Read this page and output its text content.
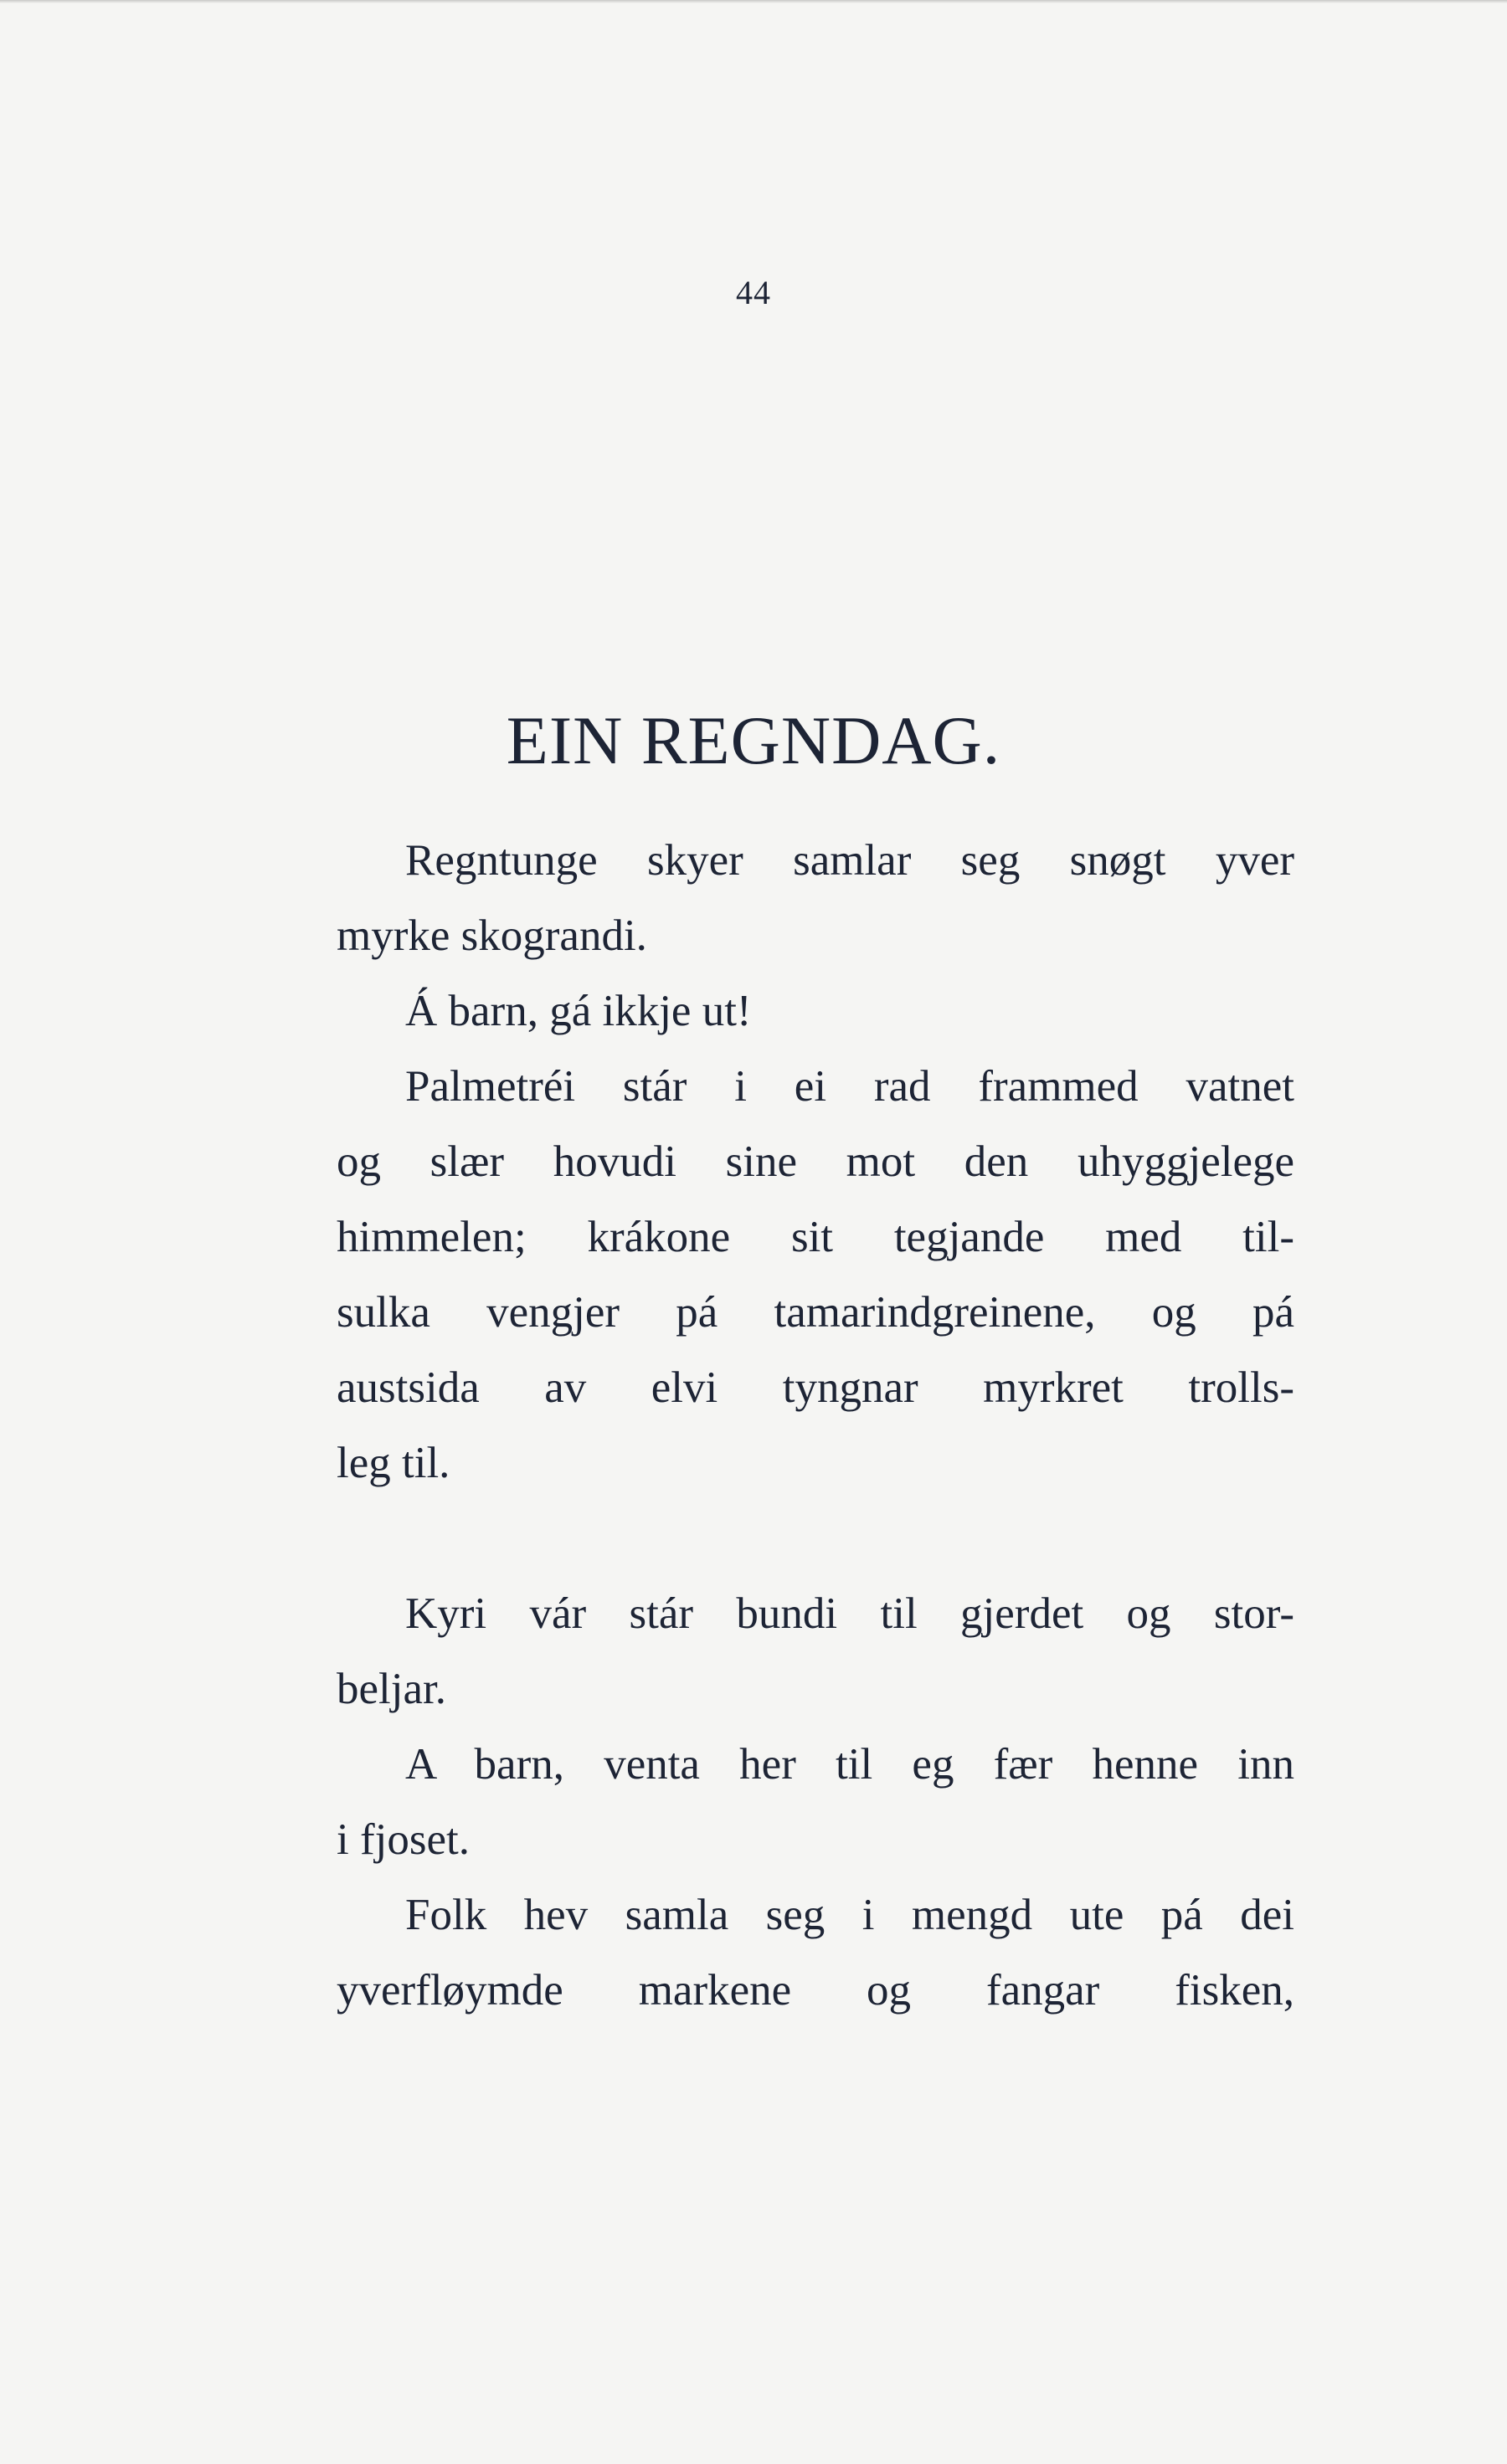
44
EIN REGNDAG.
Regntunge skyer samlar seg snøgt yver
myrke skograndi.
Á barn, gá ikkje ut!
Palmetréi stár i ei rad frammed vatnet
og slær hovudi sine mot den uhyggjelege
himmelen; krákone sit tegjande med til-
sulka vengjer pá tamarindgreinene, og pá
austsida av elvi tyngnar myrkret trolls-
leg til.
Kyri vár stár bundi til gjerdet og stor-
beljar.
A barn, venta her til eg fær henne inn
i fjoset.
Folk hev samla seg i mengd ute pá dei
yverfløymde markene og fangar fisken,
